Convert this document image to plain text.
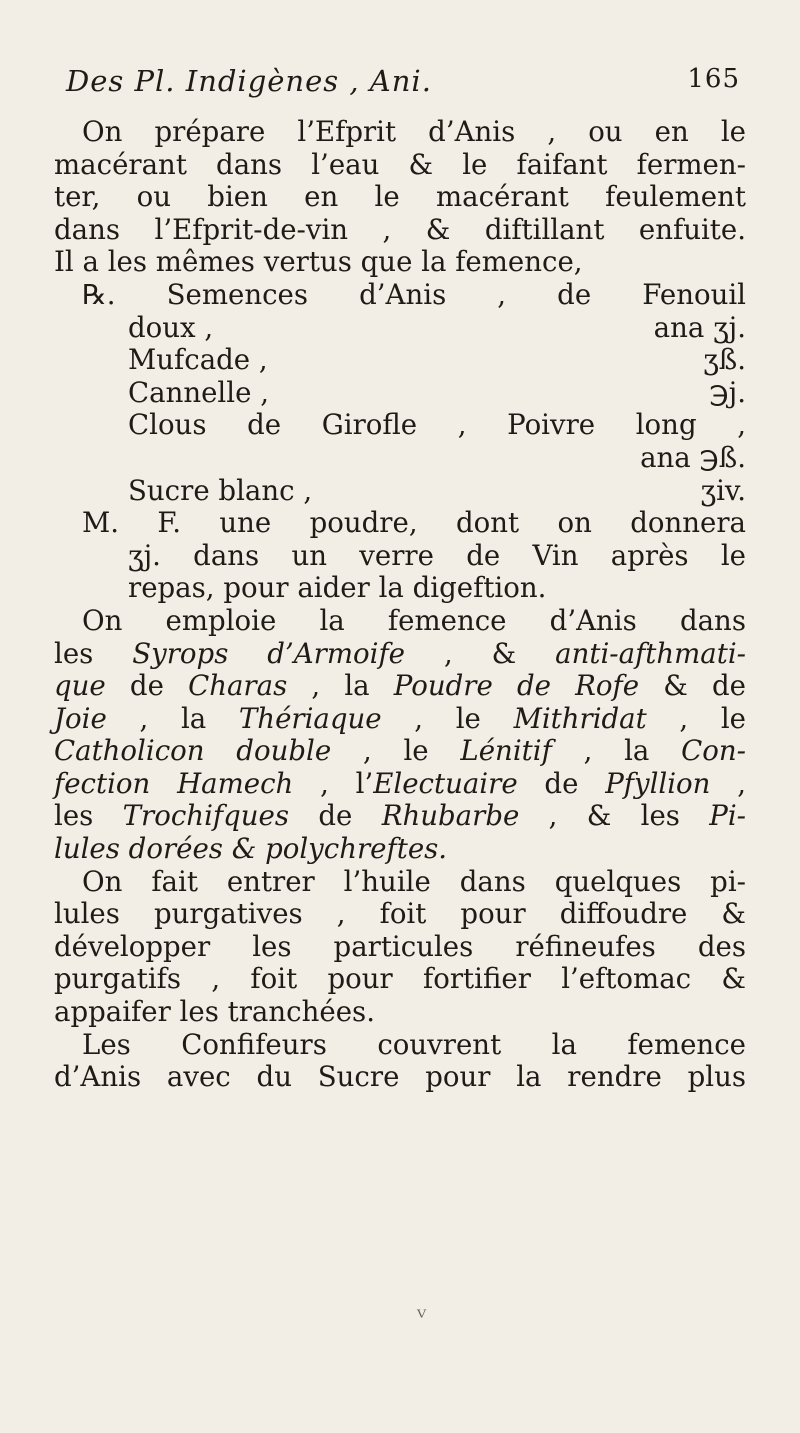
Des Pl. Indigènes , Ani.	165
On prépare l’Efprit d’Anis , ou en le
macérant dans l’eau & le faifant fermen-
ter, ou bien en le macérant feulement
dans l’Efprit-de-vin , & diftillant enfuite.
Il a les mêmes vertus que la femence,
℞. Semences d’Anis , de Fenouil
doux ,	ana ʒj.
Mufcade ,	ʒß.
Cannelle ,	℈j.
Clous de Girofle , Poivre long ,
ana ℈ß.
Sucre blanc ,	ʒiv.
M. F. une poudre, dont on donnera
ʒj. dans un verre de Vin après le
repas, pour aider la digeftion.
On emploie la femence d’Anis dans
les Syrops d’Armoife , & anti-afthmati-
que de Charas , la Poudre de Rofe & de
Joie , la Thériaque , le Mithridat , le
Catholicon double , le Lénitif , la Con-
fection Hamech , l’Electuaire de Pfyllion ,
les Trochifques de Rhubarbe , & les Pi-
lules dorées & polychreftes.
On fait entrer l’huile dans quelques pi-
lules purgatives , foit pour diffoudre &
développer les particules réfineufes des
purgatifs , foit pour fortifier l’eftomac &
appaifer les tranchées.
Les Confifeurs couvrent la femence
d’Anis avec du Sucre pour la rendre plus
ⱽ
